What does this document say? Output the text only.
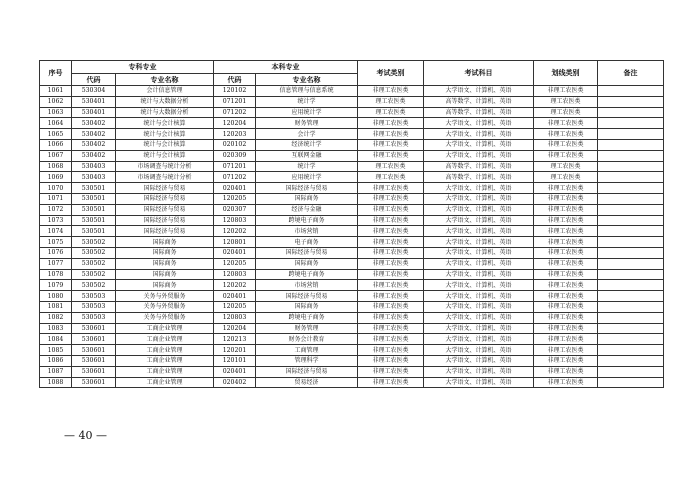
序号	专科专业		本科专业		考试类别	考试科目	划线类别	备注
	代码	专业名称	代码	专业名称				
1061	530304	会计信息管理	120102	信息管理与信息系统	非理工农医类	大学语文、计算机、英语	非理工农医类	
1062	530401	统计与大数据分析	071201	统计学	理工农医类	高等数学、计算机、英语	理工农医类	
1063	530401	统计与大数据分析	071202	应用统计学	理工农医类	高等数学、计算机、英语	理工农医类	
1064	530402	统计与会计核算	120204	财务管理	非理工农医类	大学语文、计算机、英语	非理工农医类	
1065	530402	统计与会计核算	120203	会计学	非理工农医类	大学语文、计算机、英语	非理工农医类	
1066	530402	统计与会计核算	020102	经济统计学	非理工农医类	大学语文、计算机、英语	非理工农医类	
1067	530402	统计与会计核算	020309	互联网金融	非理工农医类	大学语文、计算机、英语	非理工农医类	
1068	530403	市场调查与统计分析	071201	统计学	理工农医类	高等数学、计算机、英语	理工农医类	
1069	530403	市场调查与统计分析	071202	应用统计学	理工农医类	高等数学、计算机、英语	理工农医类	
1070	530501	国际经济与贸易	020401	国际经济与贸易	非理工农医类	大学语文、计算机、英语	非理工农医类	
1071	530501	国际经济与贸易	120205	国际商务	非理工农医类	大学语文、计算机、英语	非理工农医类	
1072	530501	国际经济与贸易	020307	经济与金融	非理工农医类	大学语文、计算机、英语	非理工农医类	
1073	530501	国际经济与贸易	120803	跨境电子商务	非理工农医类	大学语文、计算机、英语	非理工农医类	
1074	530501	国际经济与贸易	120202	市场营销	非理工农医类	大学语文、计算机、英语	非理工农医类	
1075	530502	国际商务	120801	电子商务	非理工农医类	大学语文、计算机、英语	非理工农医类	
1076	530502	国际商务	020401	国际经济与贸易	非理工农医类	大学语文、计算机、英语	非理工农医类	
1077	530502	国际商务	120205	国际商务	非理工农医类	大学语文、计算机、英语	非理工农医类	
1078	530502	国际商务	120803	跨境电子商务	非理工农医类	大学语文、计算机、英语	非理工农医类	
1079	530502	国际商务	120202	市场营销	非理工农医类	大学语文、计算机、英语	非理工农医类	
1080	530503	关务与外贸服务	020401	国际经济与贸易	非理工农医类	大学语文、计算机、英语	非理工农医类	
1081	530503	关务与外贸服务	120205	国际商务	非理工农医类	大学语文、计算机、英语	非理工农医类	
1082	530503	关务与外贸服务	120803	跨境电子商务	非理工农医类	大学语文、计算机、英语	非理工农医类	
1083	530601	工商企业管理	120204	财务管理	非理工农医类	大学语文、计算机、英语	非理工农医类	
1084	530601	工商企业管理	120213	财务会计教育	非理工农医类	大学语文、计算机、英语	非理工农医类	
1085	530601	工商企业管理	120201	工商管理	非理工农医类	大学语文、计算机、英语	非理工农医类	
1086	530601	工商企业管理	120101	管理科学	非理工农医类	大学语文、计算机、英语	非理工农医类	
1087	530601	工商企业管理	020401	国际经济与贸易	非理工农医类	大学语文、计算机、英语	非理工农医类	
1088	530601	工商企业管理	020402	贸易经济	非理工农医类	大学语文、计算机、英语	非理工农医类	
— 40 —
